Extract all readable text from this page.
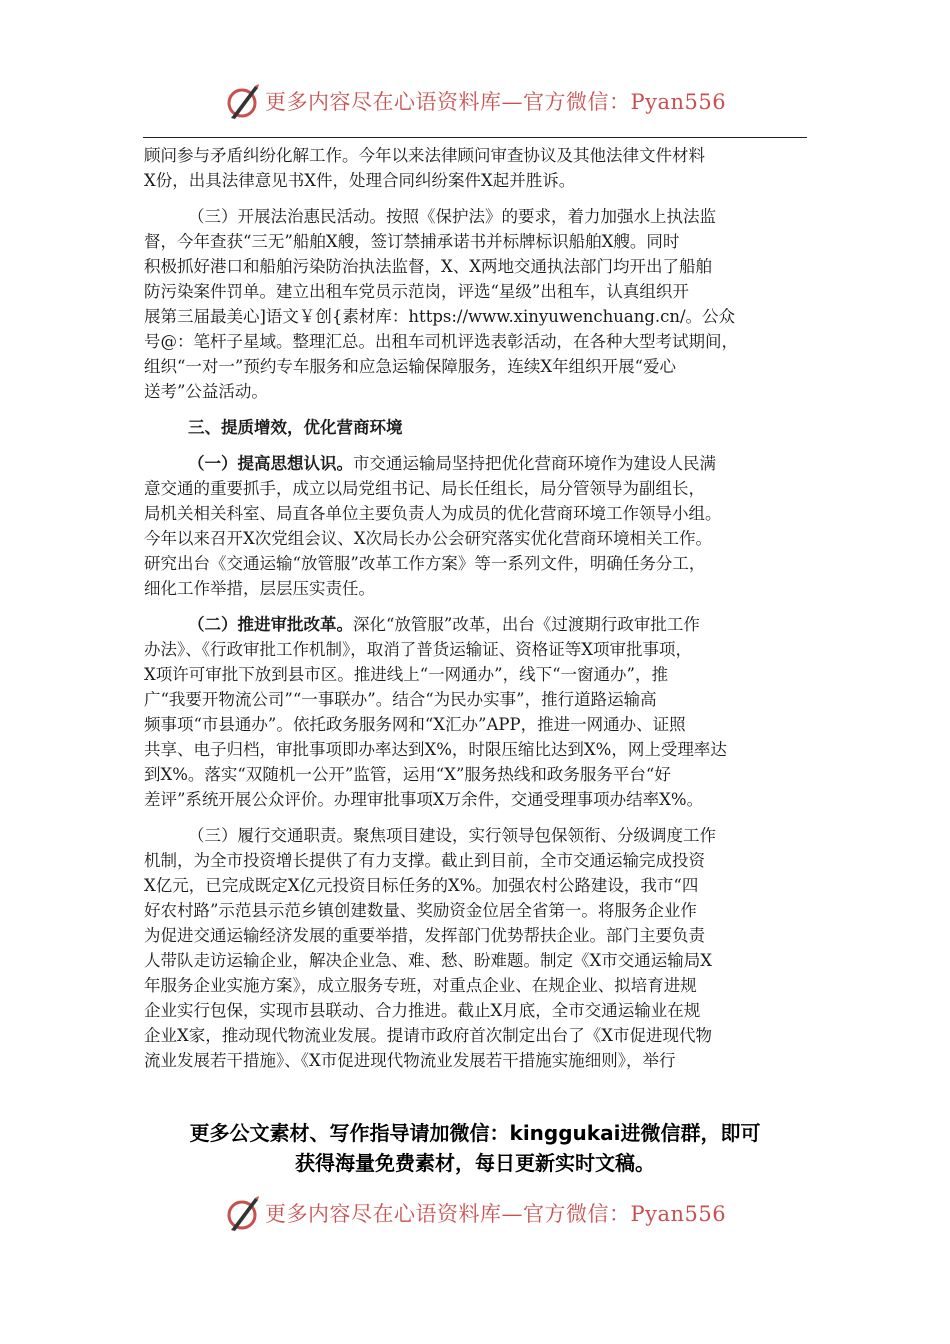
更多内容尽在心语资料库—官方微信：Pyan556
顾问参与矛盾纠纷化解工作。今年以来法律顾问审查协议及其他法律文件材料
X份，出具法律意见书X件，处理合同纠纷案件X起并胜诉。
（三）开展法治惠民活动。按照《保护法》的要求，着力加强水上执法监
督，今年查获“三无”船舶X艘，签订禁捕承诺书并标牌标识船舶X艘。同时
积极抓好港口和船舶污染防治执法监督，X、X两地交通执法部门均开出了船舶
防污染案件罚单。建立出租车党员示范岗，评选“星级”出租车，认真组织开
展第三届最美心]语文￥创{素材库：https://www.xinyuwenchuang.cn/。公众
号@：笔杆子星域。整理汇总。出租车司机评选表彰活动，在各种大型考试期间，
组织“一对一”预约专车服务和应急运输保障服务，连续X年组织开展“爱心
送考”公益活动。
三、提质增效，优化营商环境
（一）提高思想认识。市交通运输局坚持把优化营商环境作为建设人民满
意交通的重要抓手，成立以局党组书记、局长任组长，局分管领导为副组长，
局机关相关科室、局直各单位主要负责人为成员的优化营商环境工作领导小组。
今年以来召开X次党组会议、X次局长办公会研究落实优化营商环境相关工作。
研究出台《交通运输“放管服”改革工作方案》等一系列文件，明确任务分工，
细化工作举措，层层压实责任。
（二）推进审批改革。深化“放管服”改革，出台《过渡期行政审批工作
办法》、《行政审批工作机制》，取消了普货运输证、资格证等X项审批事项，
X项许可审批下放到县市区。推进线上“一网通办”，线下“一窗通办”，推
广“我要开物流公司”“一事联办”。结合“为民办实事”，推行道路运输高
频事项“市县通办”。依托政务服务网和“X汇办”APP，推进一网通办、证照
共享、电子归档，审批事项即办率达到X%，时限压缩比达到X%，网上受理率达
到X%。落实“双随机一公开”监管，运用“X”服务热线和政务服务平台“好
差评”系统开展公众评价。办理审批事项X万余件，交通受理事项办结率X%。
（三）履行交通职责。聚焦项目建设，实行领导包保领衔、分级调度工作
机制，为全市投资增长提供了有力支撑。截止到目前，全市交通运输完成投资
X亿元，已完成既定X亿元投资目标任务的X%。加强农村公路建设，我市“四
好农村路”示范县示范乡镇创建数量、奖励资金位居全省第一。将服务企业作
为促进交通运输经济发展的重要举措，发挥部门优势帮扶企业。部门主要负责
人带队走访运输企业，解决企业急、难、愁、盼难题。制定《X市交通运输局X
年服务企业实施方案》，成立服务专班，对重点企业、在规企业、拟培育进规
企业实行包保，实现市县联动、合力推进。截止X月底，全市交通运输业在规
企业X家，推动现代物流业发展。提请市政府首次制定出台了《X市促进现代物
流业发展若干措施》、《X市促进现代物流业发展若干措施实施细则》，举行
更多公文素材、写作指导请加微信：kinggukai进微信群，即可
获得海量免费素材，每日更新实时文稿。
更多内容尽在心语资料库—官方微信：Pyan556
